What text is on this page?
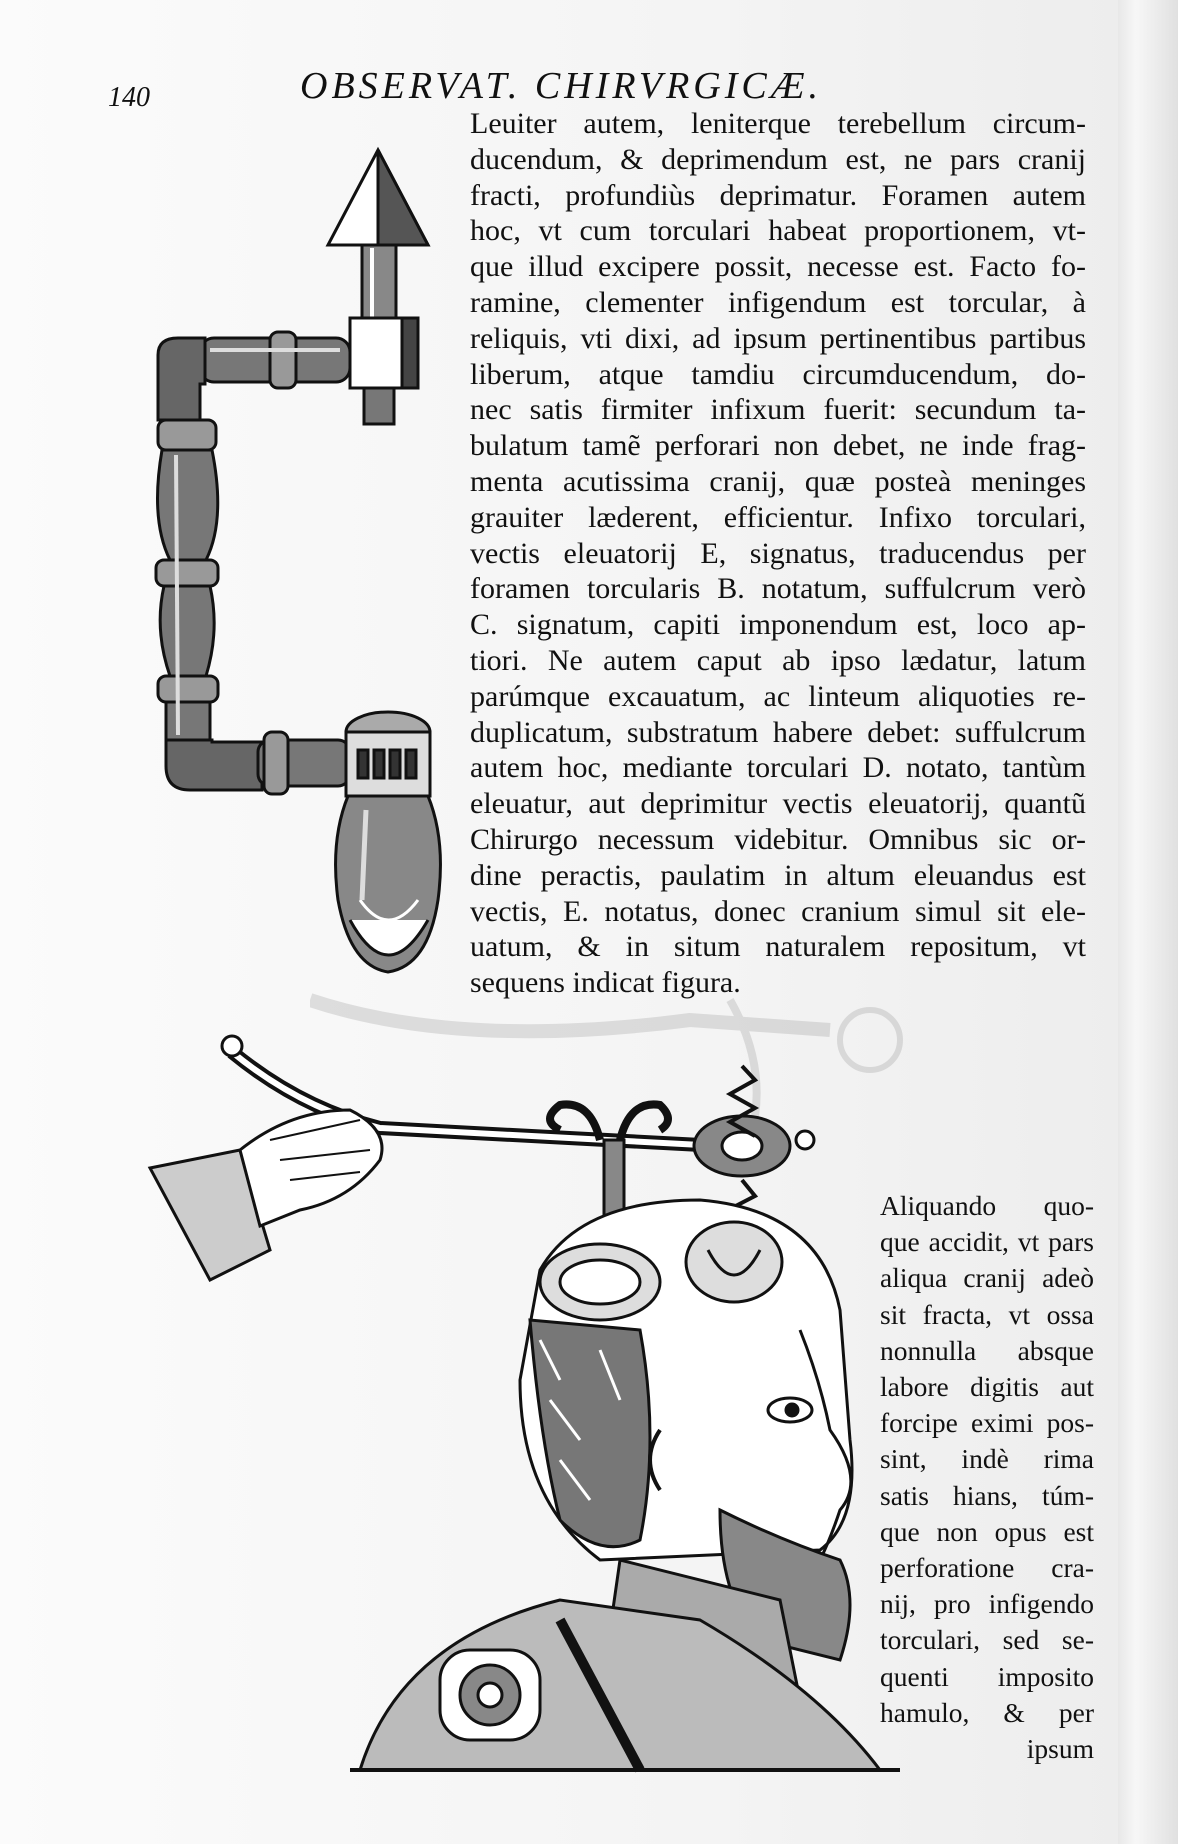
140	OBSERVAT. CHIRVRGICÆ.
Leuiter autem, leniterque terebellum circum-
ducendum, & deprimendum est, ne pars cranij
fracti, profundiùs deprimatur. Foramen autem
hoc, vt cum torculari habeat proportionem, vt-
que illud excipere possit, necesse est. Facto fo-
ramine, clementer infigendum est torcular, à
reliquis, vti dixi, ad ipsum pertinentibus partibus
liberum, atque tamdiu circumducendum, do-
nec satis firmiter infixum fuerit: secundum ta-
bulatum tamẽ perforari non debet, ne inde frag-
menta acutissima cranij, quæ posteà meninges
grauiter læderent, efficientur. Infixo torculari,
vectis eleuatorij E, signatus, traducendus per
foramen torcularis B. notatum, suffulcrum verò
C. signatum, capiti imponendum est, loco ap-
tiori. Ne autem caput ab ipso lædatur, latum
parúmque excauatum, ac linteum aliquoties re-
duplicatum, substratum habere debet: suffulcrum
autem hoc, mediante torculari D. notato, tantùm
eleuatur, aut deprimitur vectis eleuatorij, quantũ
Chirurgo necessum videbitur. Omnibus sic or-
dine peractis, paulatim in altum eleuandus est
vectis, E. notatus, donec cranium simul sit ele-
uatum, & in situm naturalem repositum, vt
sequens indicat figura.
Aliquando quo-
que accidit, vt pars
aliqua cranij adeò
sit fracta, vt ossa
nonnulla absque
labore digitis aut
forcipe eximi pos-
sint, indè rima
satis hians, túm-
que non opus est
perforatione cra-
nij, pro infigendo
torculari, sed se-
quenti imposito
hamulo, & per
ipsum
